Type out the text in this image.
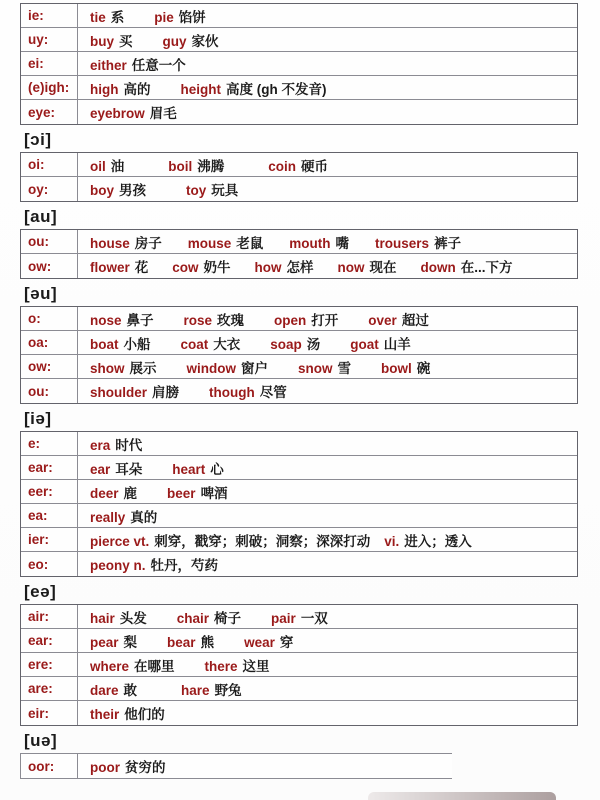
ie:	tie 系 pie 馅饼
uy:	buy 买 guy 家伙
ei:	either 任意一个
(e)igh:	high 高的 height 高度 (gh 不发音)
eye:	eyebrow 眉毛
[ɔi]
oi:	oil 油	boil 沸腾	coin 硬币
oy:	boy 男孩	toy 玩具
[au]
ou:	house 房子 mouse 老鼠 mouth 嘴 trousers 裤子
ow:	flower 花 cow 奶牛 how 怎样 now 现在 down 在...下方
[əu]
o:	nose 鼻子 rose 玫瑰 open 打开 over 超过
oa:	boat 小船 coat 大衣 soap 汤 goat 山羊
ow:	show 展示 window 窗户 snow 雪 bowl 碗
ou:	shoulder 肩膀 though 尽管
[iə]
e:	era 时代
ear:	ear 耳朵 heart 心
eer:	deer 鹿 beer 啤酒
ea:	really 真的
ier:	pierce vt. 刺穿，戳穿；刺破；洞察；深深打动 vi. 进入；透入
eo:	peony n. 牡丹，芍药
[eə]
air:	hair 头发 chair 椅子 pair 一双
ear:	pear 梨 bear 熊 wear 穿
ere:	where 在哪里 there 这里
are:	dare 敢	hare 野兔
eir:	their 他们的
[uə]
oor:	poor 贫穷的
